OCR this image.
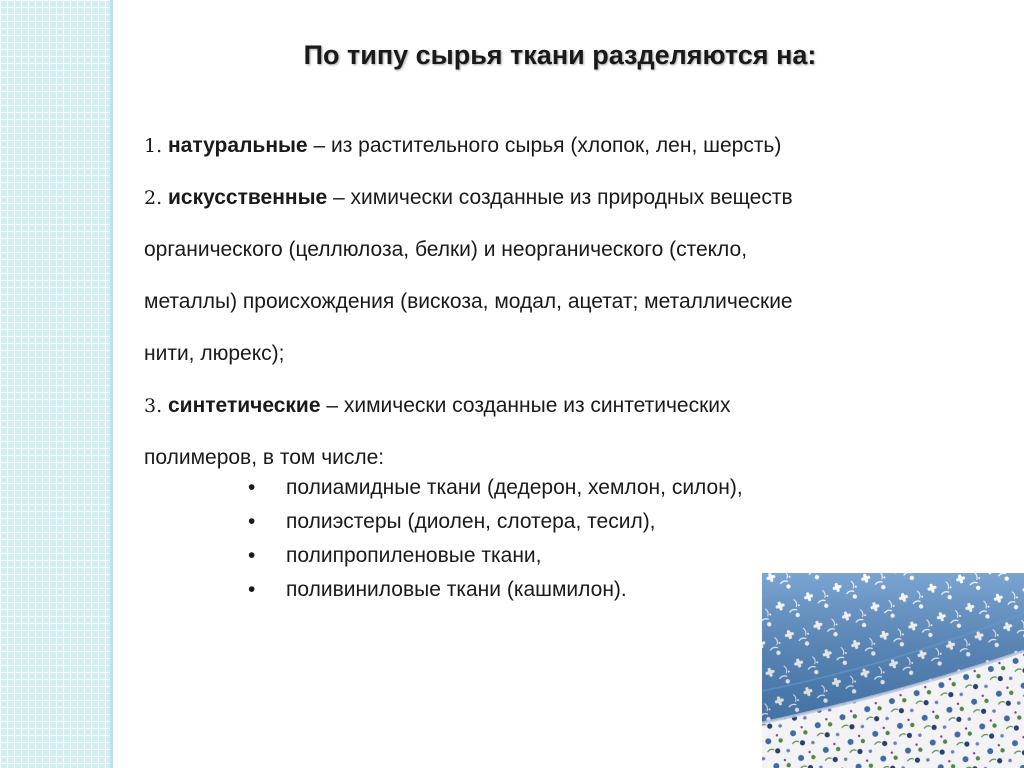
По типу сырья ткани разделяются на:

1. натуральные – из растительного сырья (хлопок, лен, шерсть)

2. искусственные – химически созданные из природных веществ

органического (целлюлоза, белки) и неорганического (стекло,

металлы) происхождения (вискоза, модал, ацетат; металлические

нити, люрекс);

3. синтетические – химически созданные из синтетических

полимеров, в том числе:

• полиамидные ткани (дедерон, хемлон, силон),
• полиэстеры (диолен, слотера, тесил),
• полипропиленовые ткани,
• поливиниловые ткани (кашмилон).
